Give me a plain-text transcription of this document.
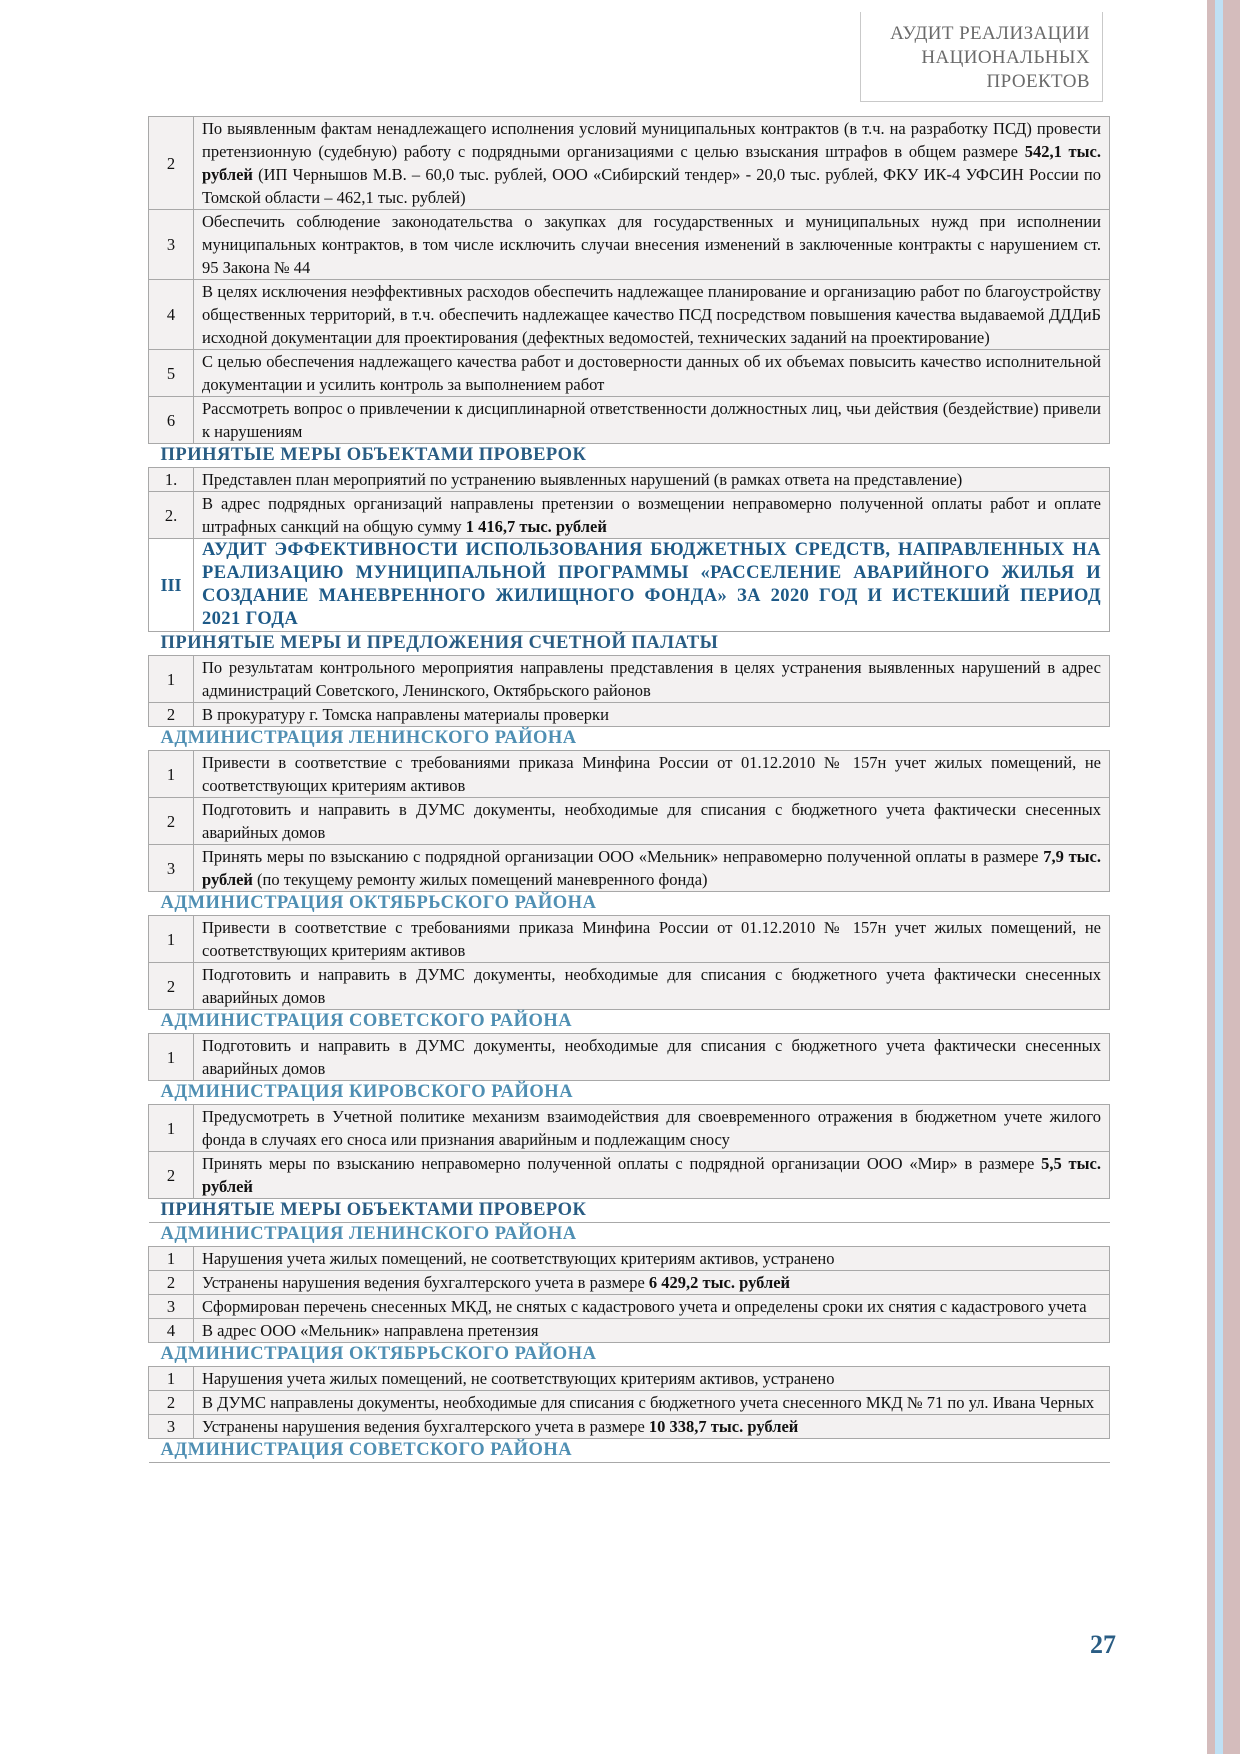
АУДИТ РЕАЛИЗАЦИИ
НАЦИОНАЛЬНЫХ
ПРОЕКТОВ
2	По выявленным фактам ненадлежащего исполнения условий муниципальных контрактов (в т.ч. на разработку ПСД) провести претензионную (судебную) работу с подрядными организациями с целью взыскания штрафов в общем размере 542,1 тыс. рублей (ИП Чернышов М.В. – 60,0 тыс. рублей, ООО «Сибирский тендер» - 20,0 тыс. рублей, ФКУ ИК-4 УФСИН России по Томской области – 462,1 тыс. рублей)
3	Обеспечить соблюдение законодательства о закупках для государственных и муниципальных нужд при исполнении муниципальных контрактов, в том числе исключить случаи внесения изменений в заключенные контракты с нарушением ст. 95 Закона № 44
4	В целях исключения неэффективных расходов обеспечить надлежащее планирование и организацию работ по благоустройству общественных территорий, в т.ч. обеспечить надлежащее качество ПСД посредством повышения качества выдаваемой ДДДиБ исходной документации для проектирования (дефектных ведомостей, технических заданий на проектирование)
5	С целью обеспечения надлежащего качества работ и достоверности данных об их объемах повысить качество исполнительной документации и усилить контроль за выполнением работ
6	Рассмотреть вопрос о привлечении к дисциплинарной ответственности должностных лиц, чьи действия (бездействие) привели к нарушениям
ПРИНЯТЫЕ МЕРЫ ОБЪЕКТАМИ ПРОВЕРОК	
1.	Представлен план мероприятий по устранению выявленных нарушений (в рамках ответа на представление)
2.	В адрес подрядных организаций направлены претензии о возмещении неправомерно полученной оплаты работ и оплате штрафных санкций на общую сумму 1 416,7 тыс. рублей
III	АУДИТ ЭФФЕКТИВНОСТИ ИСПОЛЬЗОВАНИЯ БЮДЖЕТНЫХ СРЕДСТВ, НАПРАВЛЕННЫХ НА РЕАЛИЗАЦИЮ МУНИЦИПАЛЬНОЙ ПРОГРАММЫ «РАССЕЛЕНИЕ АВАРИЙНОГО ЖИЛЬЯ И СОЗДАНИЕ МАНЕВРЕННОГО ЖИЛИЩНОГО ФОНДА» ЗА 2020 ГОД И ИСТЕКШИЙ ПЕРИОД 2021 ГОДА
ПРИНЯТЫЕ МЕРЫ И ПРЕДЛОЖЕНИЯ СЧЕТНОЙ ПАЛАТЫ	
1	По результатам контрольного мероприятия направлены представления в целях устранения выявленных нарушений в адрес администраций Советского, Ленинского, Октябрьского районов
2	В прокуратуру г. Томска направлены материалы проверки
АДМИНИСТРАЦИЯ ЛЕНИНСКОГО РАЙОНА	
1	Привести в соответствие с требованиями приказа Минфина России от 01.12.2010 № 157н учет жилых помещений, не соответствующих критериям активов
2	Подготовить и направить в ДУМС документы, необходимые для списания с бюджетного учета фактически снесенных аварийных домов
3	Принять меры по взысканию с подрядной организации ООО «Мельник» неправомерно полученной оплаты в размере 7,9 тыс. рублей (по текущему ремонту жилых помещений маневренного фонда)
АДМИНИСТРАЦИЯ ОКТЯБРЬСКОГО РАЙОНА	
1	Привести в соответствие с требованиями приказа Минфина России от 01.12.2010 № 157н учет жилых помещений, не соответствующих критериям активов
2	Подготовить и направить в ДУМС документы, необходимые для списания с бюджетного учета фактически снесенных аварийных домов
АДМИНИСТРАЦИЯ СОВЕТСКОГО РАЙОНА	
1	Подготовить и направить в ДУМС документы, необходимые для списания с бюджетного учета фактически снесенных аварийных домов
АДМИНИСТРАЦИЯ КИРОВСКОГО РАЙОНА	
1	Предусмотреть в Учетной политике механизм взаимодействия для своевременного отражения в бюджетном учете жилого фонда в случаях его сноса или признания аварийным и подлежащим сносу
2	Принять меры по взысканию неправомерно полученной оплаты с подрядной организации ООО «Мир» в размере 5,5 тыс. рублей
ПРИНЯТЫЕ МЕРЫ ОБЪЕКТАМИ ПРОВЕРОК	
АДМИНИСТРАЦИЯ ЛЕНИНСКОГО РАЙОНА	
1	Нарушения учета жилых помещений, не соответствующих критериям активов, устранено
2	Устранены нарушения ведения бухгалтерского учета в размере 6 429,2 тыс. рублей
3	Сформирован перечень снесенных МКД, не снятых с кадастрового учета и определены сроки их снятия с кадастрового учета
4	В адрес ООО «Мельник» направлена претензия
АДМИНИСТРАЦИЯ ОКТЯБРЬСКОГО РАЙОНА	
1	Нарушения учета жилых помещений, не соответствующих критериям активов, устранено
2	В ДУМС направлены документы, необходимые для списания с бюджетного учета снесенного МКД № 71 по ул. Ивана Черных
3	Устранены нарушения ведения бухгалтерского учета в размере 10 338,7 тыс. рублей
АДМИНИСТРАЦИЯ СОВЕТСКОГО РАЙОНА	
27
